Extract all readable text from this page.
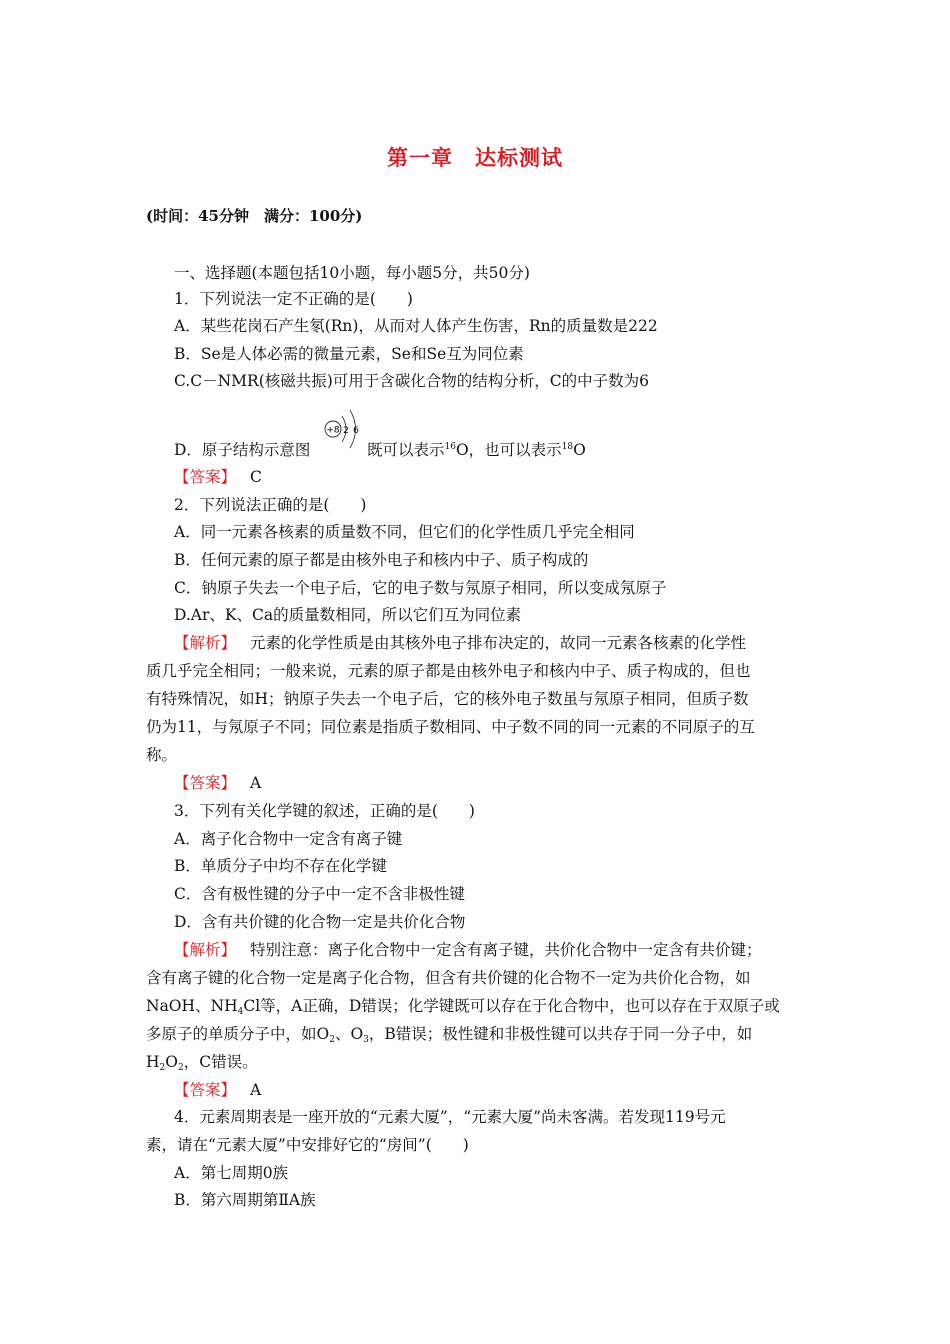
第一章　达标测试
(时间：45分钟　满分：100分)
一、选择题(本题包括10小题，每小题5分，共50分)
1．下列说法一定不正确的是(　　)
A．某些花岗石产生氡(Rn)，从而对人体产生伤害，Rn的质量数是222
B．Se是人体必需的微量元素，Se和Se互为同位素
C.C－NMR(核磁共振)可用于含碳化合物的结构分析，C的中子数为6
D．原子结构示意图
+8 2 6
既可以表示$^{16}$O，也可以表示$^{18}$O
【答案】 C
2．下列说法正确的是(　　)
A．同一元素各核素的质量数不同，但它们的化学性质几乎完全相同
B．任何元素的原子都是由核外电子和核内中子、质子构成的
C．钠原子失去一个电子后，它的电子数与氖原子相同，所以变成氖原子
D.Ar、K、Ca的质量数相同，所以它们互为同位素
【解析】 元素的化学性质是由其核外电子排布决定的，故同一元素各核素的化学性
质几乎完全相同；一般来说，元素的原子都是由核外电子和核内中子、质子构成的，但也
有特殊情况，如H；钠原子失去一个电子后，它的核外电子数虽与氖原子相同，但质子数
仍为11，与氖原子不同；同位素是指质子数相同、中子数不同的同一元素的不同原子的互
称。
【答案】 A
3．下列有关化学键的叙述，正确的是(　　)
A．离子化合物中一定含有离子键
B．单质分子中均不存在化学键
C．含有极性键的分子中一定不含非极性键
D．含有共价键的化合物一定是共价化合物
【解析】 特别注意：离子化合物中一定含有离子键，共价化合物中一定含有共价键；
含有离子键的化合物一定是离子化合物，但含有共价键的化合物不一定为共价化合物，如
NaOH、$NH_4Cl$等，A正确，D错误；化学键既可以存在于化合物中，也可以存在于双原子或
多原子的单质分子中，如$O_2$、$O_3$，B错误；极性键和非极性键可以共存于同一分子中，如
$H_2O_2$，C错误。
【答案】 A
4．元素周期表是一座开放的“元素大厦”，“元素大厦”尚未客满。若发现119号元
素，请在“元素大厦”中安排好它的“房间”(　　)
A．第七周期0族
B．第六周期第ⅡA族
